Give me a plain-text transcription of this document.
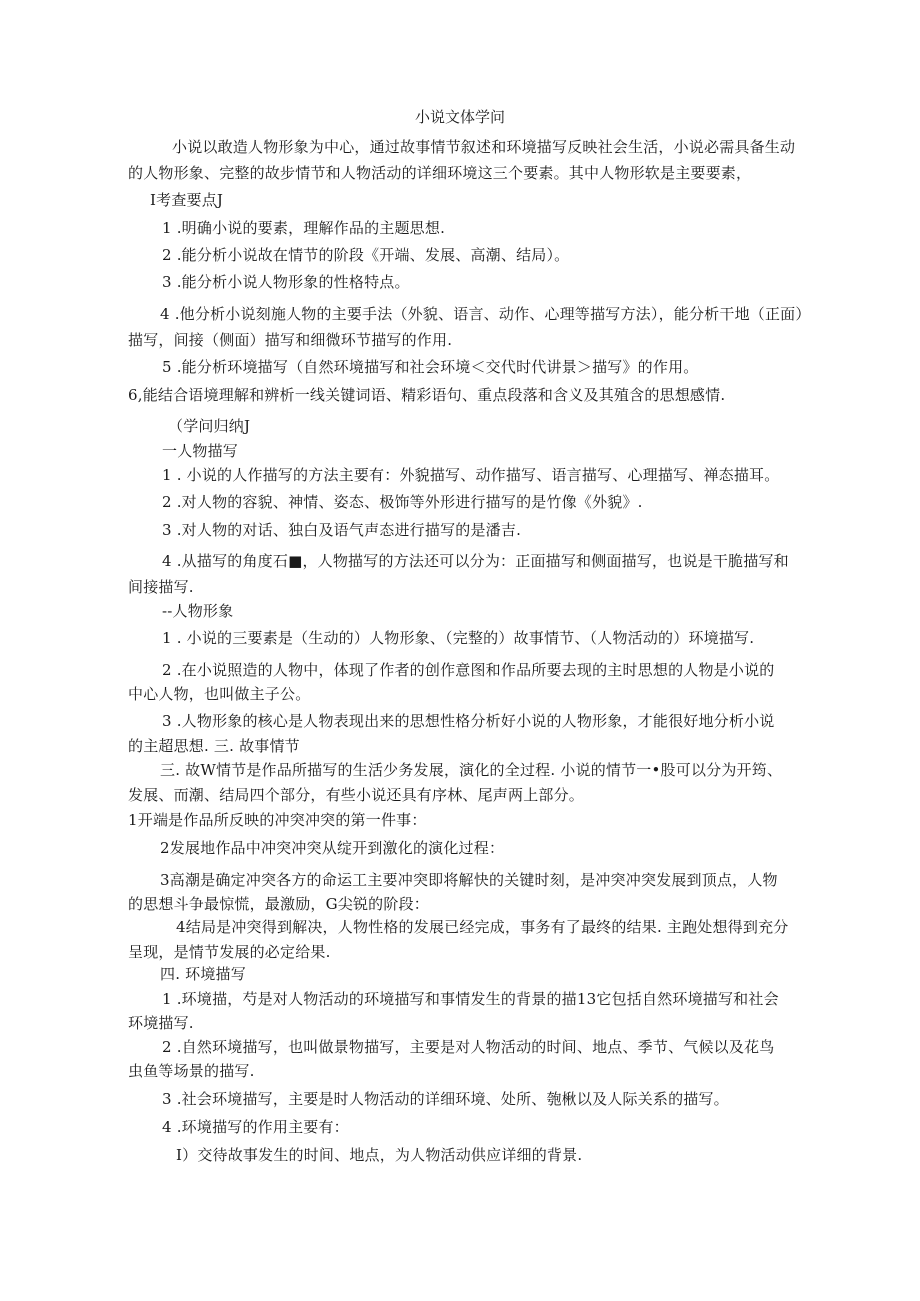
小说文体学问
小说以敢造人物形象为中心，通过故事情节叙述和环境描写反映社会生活，小说必需具备生动
的人物形象、完整的故步情节和人物活动的详细环境这三个要素。其中人物形软是主要要素，
I考查要点J
1 .明确小说的要素，理解作品的主题思想.
2 .能分析小说故在情节的阶段《开端、发展、高潮、结局）。
3 .能分析小说人物形象的性格特点。
4 .他分析小说刻施人物的主要手法（外貌、语言、动作、心理等描写方法），能分析干地（正面）
描写，间接（侧面）描写和细微环节描写的作用.
5 .能分析环境描写（自然环境描写和社会环境＜交代时代讲景＞描写》的作用。
6,能结合语境理解和辨析一线关键词语、精彩语句、重点段落和含义及其殖含的思想感情.
（学问归纳J
一人物描写
1 . 小说的人作描写的方法主要有：外貌描写、动作描写、语言描写、心理描写、禅态描耳。
2 .对人物的容貌、神情、姿态、极饰等外形进行描写的是竹像《外貌》.
3 .对人物的对话、独白及语气声态进行描写的是潘吉.
4 .从描写的角度石■，人物描写的方法还可以分为：正面描写和侧面描写，也说是干脆描写和
间接描写.
--人物形象
1 . 小说的三要素是（生动的）人物形象、（完整的）故事情节、（人物活动的）环境描写.
2 .在小说照造的人物中，体现了作者的创作意图和作品所要去现的主时思想的人物是小说的
中心人物，也叫做主子公。
3 .人物形象的核心是人物表现出来的思想性格分析好小说的人物形象，才能很好地分析小说
的主超思想. 三. 故事情节
三. 故W情节是作品所描写的生活少务发展，演化的全过程. 小说的情节一•股可以分为开筠、
发展、而潮、结局四个部分，有些小说还具有序林、尾声两上部分。
1开端是作品所反映的冲突冲突的第一件事：
2发展地作品中冲突冲突从绽开到激化的演化过程：
3高潮是确定冲突各方的命运工主要冲突即将解快的关键时刻，是冲突冲突发展到顶点，人物
的思想斗争最惊慌，最激励，G尖锐的阶段：
4结局是冲突得到解决，人物性格的发展已经完成，事务有了最终的结果. 主跑处想得到充分
呈现，是情节发展的必定给果.
四. 环境描写
1 .环境描，芍是对人物活动的环境描写和事情发生的背景的描13它包括自然环境描写和社会
环境描写.
2 .自然环境描写，也叫做景物描写，主要是对人物活动的时间、地点、季节、气候以及花鸟
虫鱼等场景的描写.
3 .社会环境描写，主要是时人物活动的详细环境、处所、匏楸以及人际关系的描写。
4 .环境描写的作用主要有：
I）交待故事发生的时间、地点，为人物活动供应详细的背景.
